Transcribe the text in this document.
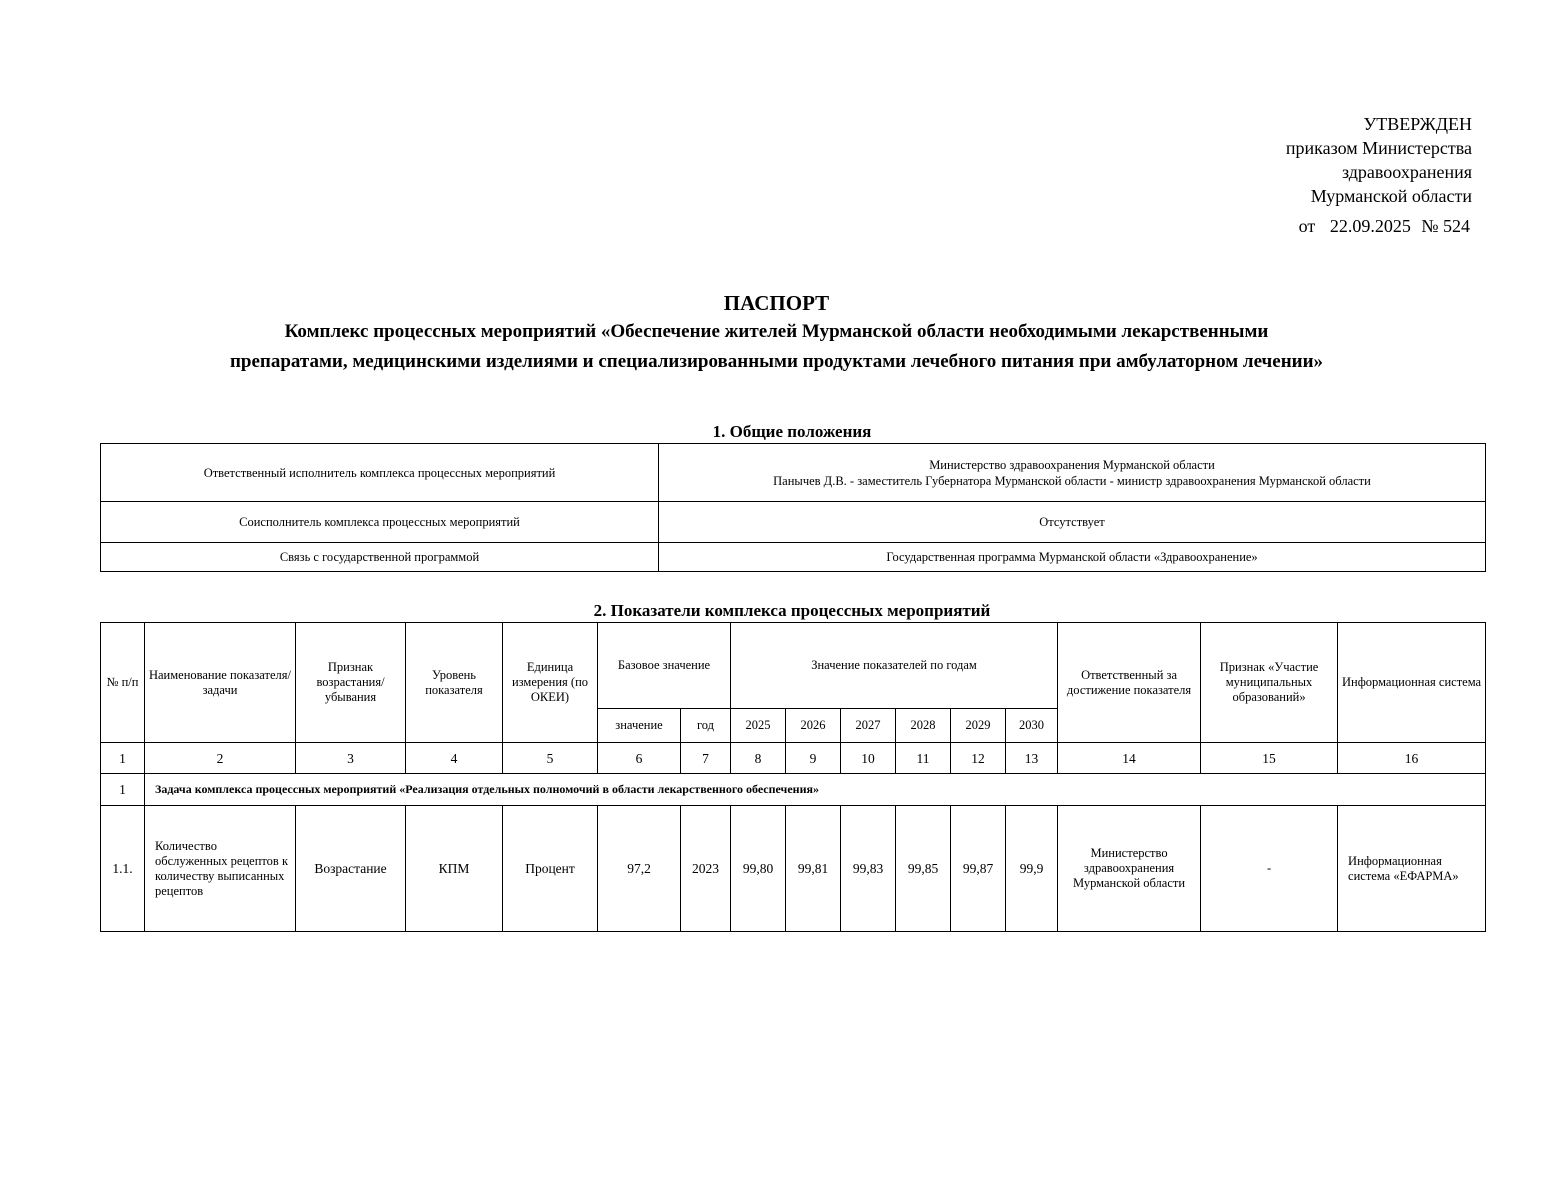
УТВЕРЖДЕН
приказом Министерства
здравоохранения
Мурманской области
от 22.09.2025 № 524
ПАСПОРТ
Комплекс процессных мероприятий «Обеспечение жителей Мурманской области необходимыми лекарственными
препаратами, медицинскими изделиями и специализированными продуктами лечебного питания при амбулаторном лечении»
1. Общие положения
Ответственный исполнитель комплекса процессных мероприятий	Министерство здравоохранения Мурманской области
Панычев Д.В. - заместитель Губернатора Мурманской области - министр здравоохранения Мурманской области

Соисполнитель комплекса процессных мероприятий	Отсутствует
Связь с государственной программой	Государственная программа Мурманской области «Здравоохранение»
2. Показатели комплекса процессных мероприятий
№ п/п	Наименование показателя/задачи	Признак возрастания/ убывания	Уровень показателя	Единица измерения (по ОКЕИ)	Базовое значение		Значение показателей по годам						Ответственный за достижение показателя	Признак «Участие муниципальных образований»	Информационная система
					значение	год	2025	2026	2027	2028	2029	2030			
1	2	3	4	5	6	7	8	9	10	11	12	13	14	15	16
1	Задача комплекса процессных мероприятий «Реализация отдельных полномочий в области лекарственного обеспечения»														
1.1.	Количество обслуженных рецептов к количеству выписанных рецептов	Возрастание	КПМ	Процент	97,2	2023	99,80	99,81	99,83	99,85	99,87	99,9	Министерство здравоохранения Мурманской области	-	Информационная система «ЕФАРМА»
